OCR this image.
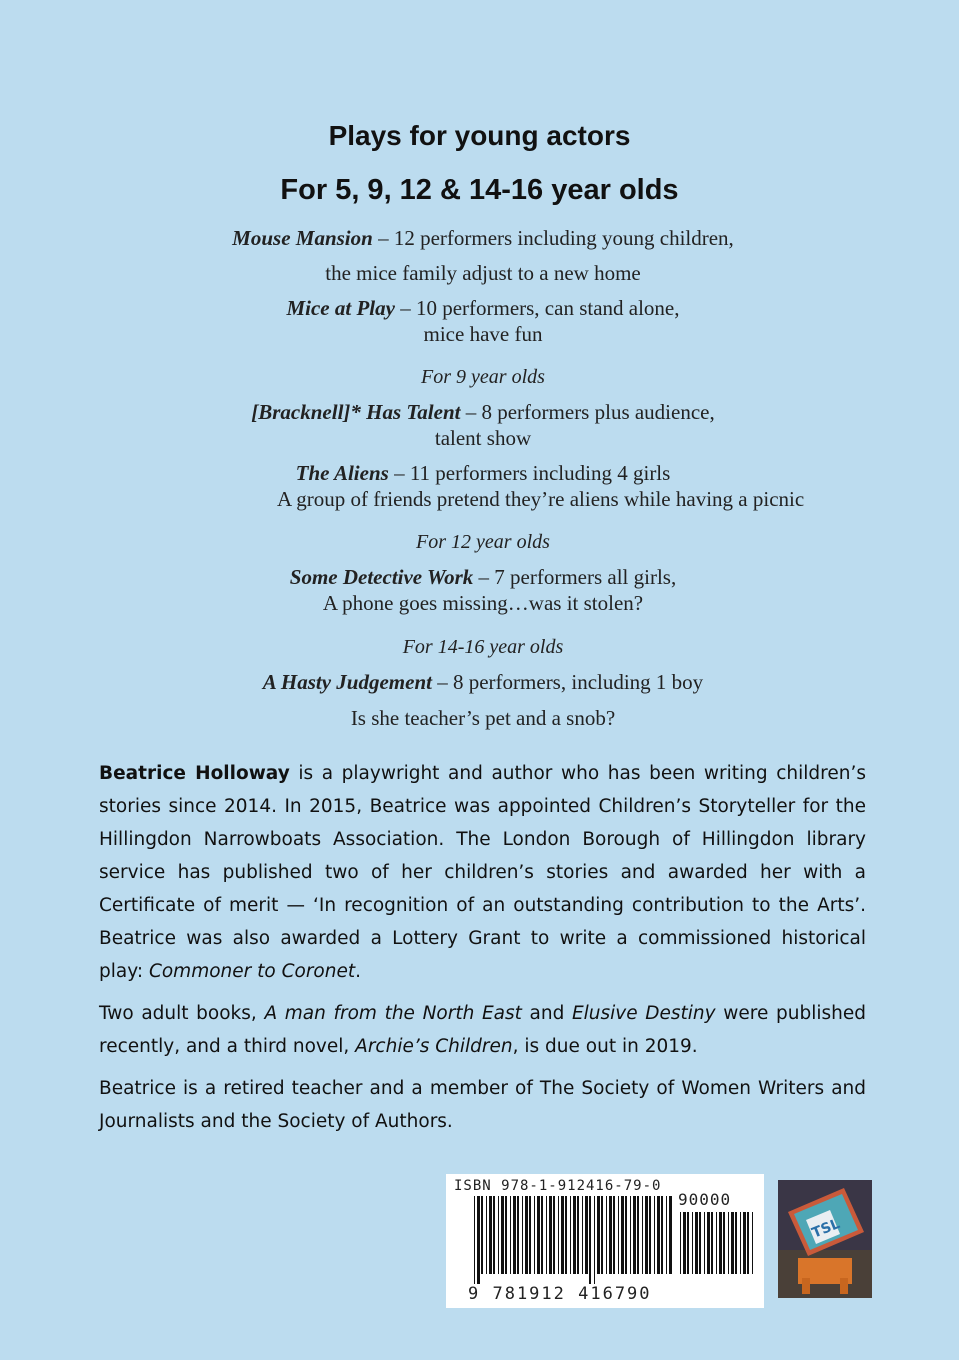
Plays for young actors
For 5, 9, 12 & 14-16 year olds
Mouse Mansion – 12 performers including young children,
the mice family adjust to a new home
Mice at Play – 10 performers, can stand alone,
mice have fun
For 9 year olds
[Bracknell]* Has Talent – 8 performers plus audience,
talent show
The Aliens – 11 performers including 4 girls
A group of friends pretend they’re aliens while having a picnic
For 12 year olds
Some Detective Work – 7 performers all girls,
A phone goes missing…was it stolen?
For 14-16 year olds
A Hasty Judgement – 8 performers, including 1 boy
Is she teacher’s pet and a snob?

Beatrice Holloway is a playwright and author who has been writing children’s stories since 2014. In 2015, Beatrice was appointed Children’s Storyteller for the Hillingdon Narrowboats Association. The London Borough of Hillingdon library service has published two of her children’s stories and awarded her with a Certificate of merit — ‘In recognition of an outstanding contribution to the Arts’. Beatrice was also awarded a Lottery Grant to write a commissioned historical play: Commoner to Coronet.

Two adult books, A man from the North East and Elusive Destiny were published recently, and a third novel, Archie’s Children, is due out in 2019.

Beatrice is a retired teacher and a member of The Society of Women Writers and Journalists and the Society of Authors.

ISBN 978-1-912416-79-0
90000
9 781912 416790
TSL
